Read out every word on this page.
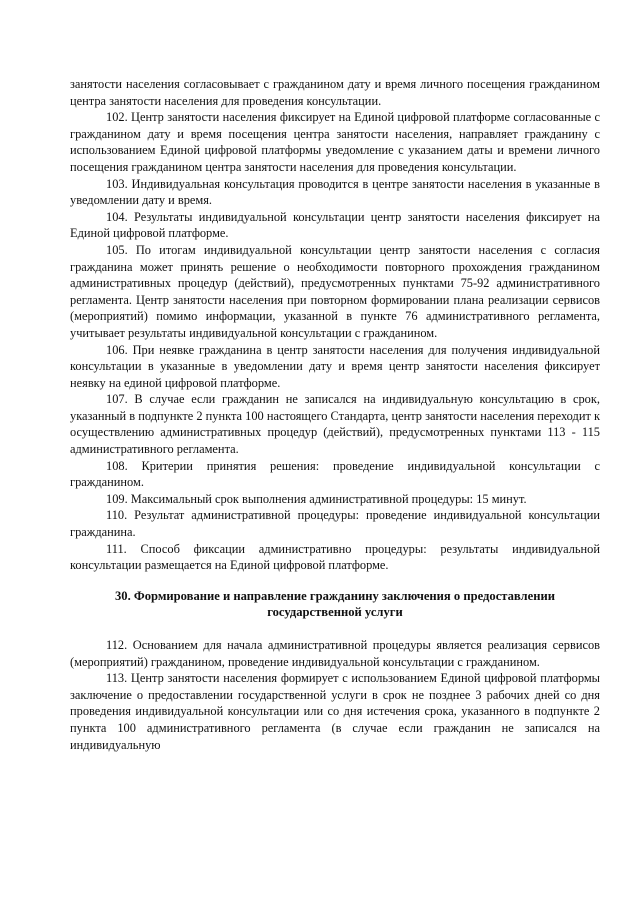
занятости населения согласовывает с гражданином дату и время личного посещения гражданином центра занятости населения для проведения консультации.

102. Центр занятости населения фиксирует на Единой цифровой платформе согласованные с гражданином дату и время посещения центра занятости населения, направляет гражданину с использованием Единой цифровой платформы уведомление с указанием даты и времени личного посещения гражданином центра занятости населения для проведения консультации.

103. Индивидуальная консультация проводится в центре занятости населения в указанные в уведомлении дату и время.

104. Результаты индивидуальной консультации центр занятости населения фиксирует на Единой цифровой платформе.

105. По итогам индивидуальной консультации центр занятости населения с согласия гражданина может принять решение о необходимости повторного прохождения гражданином административных процедур (действий), предусмотренных пунктами 75-92 административного регламента. Центр занятости населения при повторном формировании плана реализации сервисов (мероприятий) помимо информации, указанной в пункте 76 административного регламента, учитывает результаты индивидуальной консультации с гражданином.

106. При неявке гражданина в центр занятости населения для получения индивидуальной консультации в указанные в уведомлении дату и время центр занятости населения фиксирует неявку на единой цифровой платформе.

107. В случае если гражданин не записался на индивидуальную консультацию в срок, указанный в подпункте 2 пункта 100 настоящего Стандарта, центр занятости населения переходит к осуществлению административных процедур (действий), предусмотренных пунктами 113 - 115 административного регламента.

108. Критерии принятия решения: проведение индивидуальной консультации с гражданином.

109. Максимальный срок выполнения административной процедуры: 15 минут.

110. Результат административной процедуры: проведение индивидуальной консультации гражданина.

111. Способ фиксации административно процедуры: результаты индивидуальной консультации размещается на Единой цифровой платформе.

30. Формирование и направление гражданину заключения о предоставлении государственной услуги

112. Основанием для начала административной процедуры является реализация сервисов (мероприятий) гражданином, проведение индивидуальной консультации с гражданином.

113. Центр занятости населения формирует с использованием Единой цифровой платформы заключение о предоставлении государственной услуги в срок не позднее 3 рабочих дней со дня проведения индивидуальной консультации или со дня истечения срока, указанного в подпункте 2 пункта 100 административного регламента (в случае если гражданин не записался на индивидуальную
